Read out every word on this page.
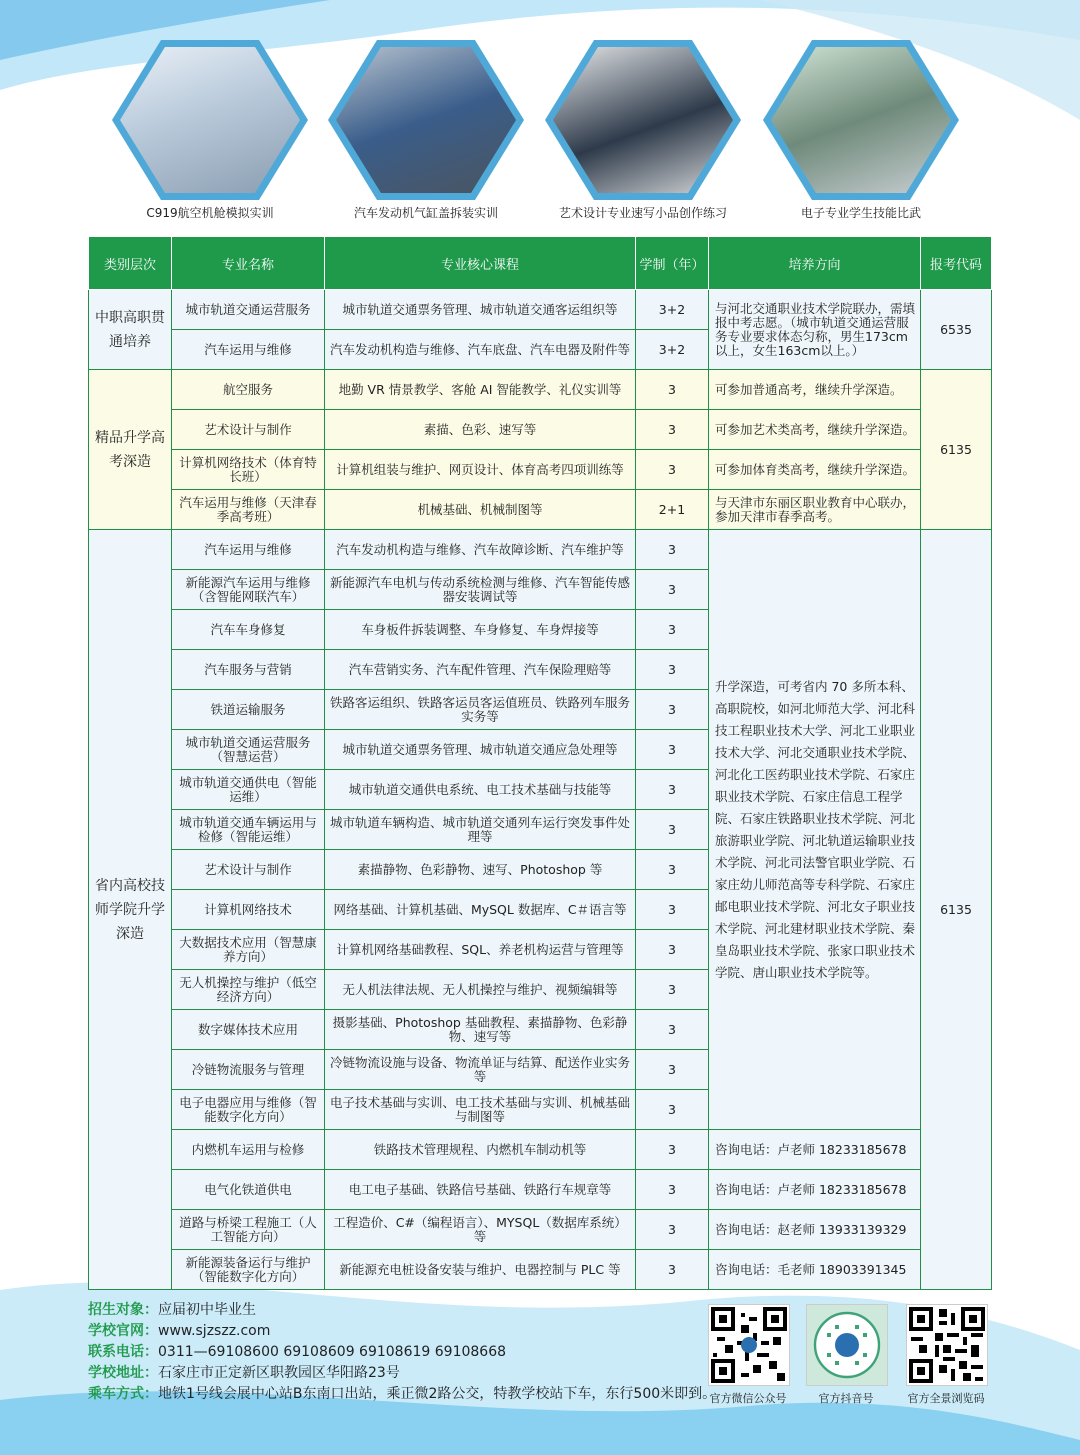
C919航空机舱模拟实训	汽车发动机气缸盖拆装实训	艺术设计专业速写小品创作练习	电子专业学生技能比武
类别层次	专业名称	专业核心课程	学制（年）	培养方向	报考代码
中职高职贯通培养	城市轨道交通运营服务	城市轨道交通票务管理、城市轨道交通客运组织等	3+2	与河北交通职业技术学院联办，需填报中考志愿。（城市轨道交通运营服务专业要求体态匀称，男生173cm以上，女生163cm以上。）	6535
	汽车运用与维修	汽车发动机构造与维修、汽车底盘、汽车电器及附件等	3+2		
精品升学高考深造	航空服务	地勤 VR 情景教学、客舱 AI 智能教学、礼仪实训等	3	可参加普通高考，继续升学深造。	6135
	艺术设计与制作	素描、色彩、速写等	3	可参加艺术类高考，继续升学深造。	
	计算机网络技术（体育特长班）	计算机组装与维护、网页设计、体育高考四项训练等	3	可参加体育类高考，继续升学深造。	
	汽车运用与维修（天津春季高考班）	机械基础、机械制图等	2+1	与天津市东丽区职业教育中心联办，参加天津市春季高考。	
省内高校技师学院升学深造	汽车运用与维修	汽车发动机构造与维修、汽车故障诊断、汽车维护等	3	升学深造，可考省内 70 多所本科、高职院校，如河北师范大学、河北科技工程职业技术大学、河北工业职业技术大学、河北交通职业技术学院、河北化工医药职业技术学院、石家庄职业技术学院、石家庄信息工程学院、石家庄铁路职业技术学院、河北旅游职业学院、河北轨道运输职业技术学院、河北司法警官职业学院、石家庄幼儿师范高等专科学院、石家庄邮电职业技术学院、河北女子职业技术学院、河北建材职业技术学院、秦皇岛职业技术学院、张家口职业技术学院、唐山职业技术学院等。	6135
	新能源汽车运用与维修（含智能网联汽车）	新能源汽车电机与传动系统检测与维修、汽车智能传感器安装调试等	3		
	汽车车身修复	车身板件拆装调整、车身修复、车身焊接等	3		
	汽车服务与营销	汽车营销实务、汽车配件管理、汽车保险理赔等	3		
	铁道运输服务	铁路客运组织、铁路客运员客运值班员、铁路列车服务实务等	3		
	城市轨道交通运营服务（智慧运营）	城市轨道交通票务管理、城市轨道交通应急处理等	3		
	城市轨道交通供电（智能运维）	城市轨道交通供电系统、电工技术基础与技能等	3		
	城市轨道交通车辆运用与检修（智能运维）	城市轨道车辆构造、城市轨道交通列车运行突发事件处理等	3		
	艺术设计与制作	素描静物、色彩静物、速写、Photoshop 等	3		
	计算机网络技术	网络基础、计算机基础、MySQL 数据库、C＃语言等	3		
	大数据技术应用（智慧康养方向）	计算机网络基础教程、SQL、养老机构运营与管理等	3		
	无人机操控与维护（低空经济方向）	无人机法律法规、无人机操控与维护、视频编辑等	3		
	数字媒体技术应用	摄影基础、Photoshop 基础教程、素描静物、色彩静物、速写等	3		
	冷链物流服务与管理	冷链物流设施与设备、物流单证与结算、配送作业实务等	3		
	电子电器应用与维修（智能数字化方向）	电子技术基础与实训、电工技术基础与实训、机械基础与制图等	3		
	内燃机车运用与检修	铁路技术管理规程、内燃机车制动机等	3	咨询电话：卢老师 18233185678	
	电气化铁道供电	电工电子基础、铁路信号基础、铁路行车规章等	3	咨询电话：卢老师 18233185678	
	道路与桥梁工程施工（人工智能方向）	工程造价、C#（编程语言）、MYSQL（数据库系统）等	3	咨询电话：赵老师 13933139329	
	新能源装备运行与维护（智能数字化方向）	新能源充电桩设备安装与维护、电器控制与 PLC 等	3	咨询电话：毛老师 18903391345	
招生对象：应届初中毕业生
学校官网：www.sjzszz.com
联系电话：0311—69108600 69108609 69108619 69108668
学校地址：石家庄市正定新区职教园区华阳路23号
乘车方式：地铁1号线会展中心站B东南口出站，乘正微2路公交，特教学校站下车，东行500米即到。
官方微信公众号	官方抖音号	官方全景浏览码
